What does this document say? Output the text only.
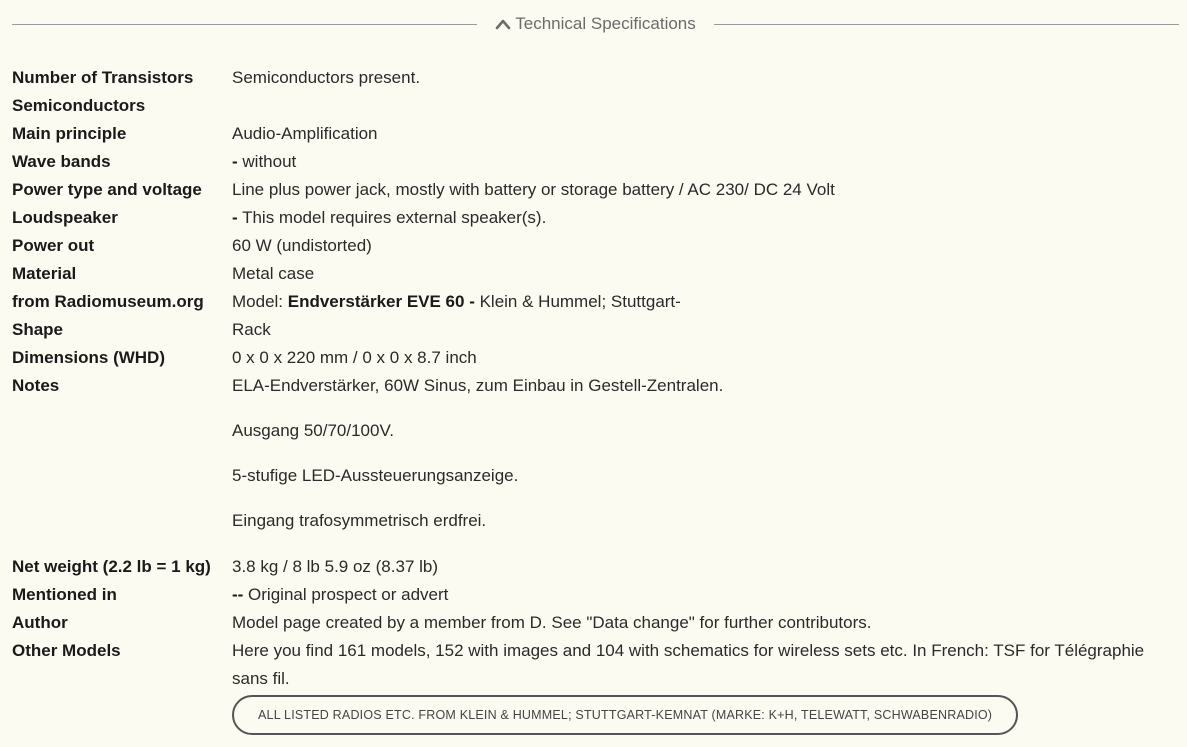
Technical Specifications
Number of Transistors	Semiconductors present.
Semiconductors
Main principle	Audio-Amplification
Wave bands	- without
Power type and voltage	Line plus power jack, mostly with battery or storage battery / AC 230/ DC 24 Volt
Loudspeaker	- This model requires external speaker(s).
Power out	60 W (undistorted)
Material	Metal case
from Radiomuseum.org	Model: Endverstärker EVE 60 - Klein & Hummel; Stuttgart-
Shape	Rack
Dimensions (WHD)	0 x 0 x 220 mm / 0 x 0 x 8.7 inch
Notes	ELA-Endverstärker, 60W Sinus, zum Einbau in Gestell-Zentralen.

Ausgang 50/70/100V.

5-stufige LED-Aussteuerungsanzeige.

Eingang trafosymmetrisch erdfrei.

Net weight (2.2 lb = 1 kg)	3.8 kg / 8 lb 5.9 oz (8.37 lb)
Mentioned in	-- Original prospect or advert
Author	Model page created by a member from D. See "Data change" for further contributors.
Other Models	Here you find 161 models, 152 with images and 104 with schematics for wireless sets etc. In French: TSF for Télégraphie sans fil.
ALL LISTED RADIOS ETC. FROM KLEIN & HUMMEL; STUTTGART-KEMNAT (MARKE: K+H, TELEWATT, SCHWABENRADIO)
